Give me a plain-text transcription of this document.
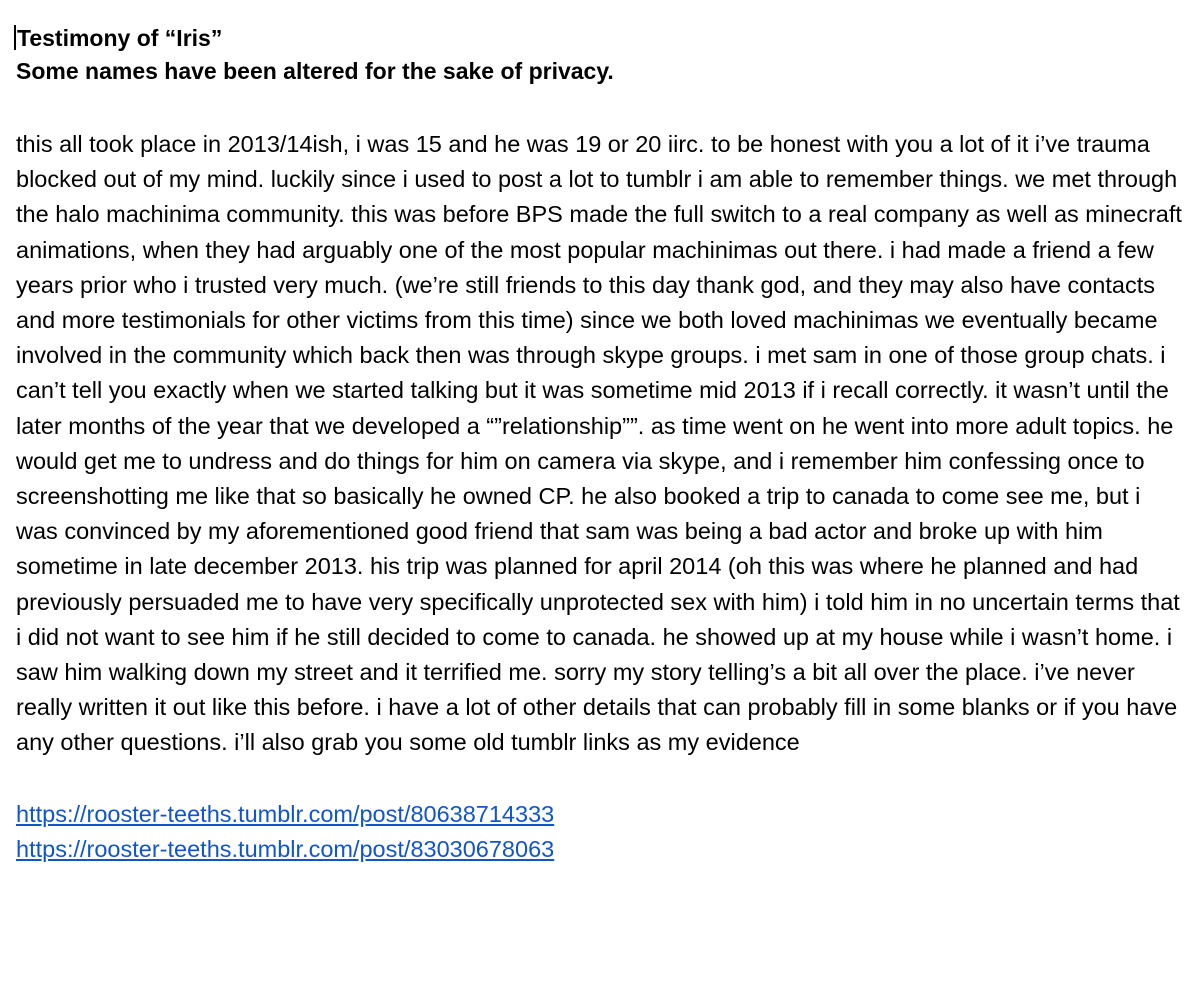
Testimony of “Iris”

Some names have been altered for the sake of privacy.

this all took place in 2013/14ish, i was 15 and he was 19 or 20 iirc. to be honest with you a lot of it i’ve trauma blocked out of my mind. luckily since i used to post a lot to tumblr i am able to remember things. we met through the halo machinima community. this was before BPS made the full switch to a real company as well as minecraft animations, when they had arguably one of the most popular machinimas out there. i had made a friend a few years prior who i trusted very much. (we’re still friends to this day thank god, and they may also have contacts and more testimonials for other victims from this time) since we both loved machinimas we eventually became involved in the community which back then was through skype groups. i met sam in one of those group chats. i can’t tell you exactly when we started talking but it was sometime mid 2013 if i recall correctly. it wasn’t until the later months of the year that we developed a “”relationship””. as time went on he went into more adult topics. he would get me to undress and do things for him on camera via skype, and i remember him confessing once to screenshotting me like that so basically he owned CP. he also booked a trip to canada to come see me, but i was convinced by my aforementioned good friend that sam was being a bad actor and broke up with him sometime in late december 2013. his trip was planned for april 2014 (oh this was where he planned and had previously persuaded me to have very specifically unprotected sex with him) i told him in no uncertain terms that i did not want to see him if he still decided to come to canada. he showed up at my house while i wasn’t home. i saw him walking down my street and it terrified me. sorry my story telling’s a bit all over the place. i’ve never really written it out like this before. i have a lot of other details that can probably fill in some blanks or if you have any other questions. i’ll also grab you some old tumblr links as my evidence

https://rooster-teeths.tumblr.com/post/80638714333
https://rooster-teeths.tumblr.com/post/83030678063
